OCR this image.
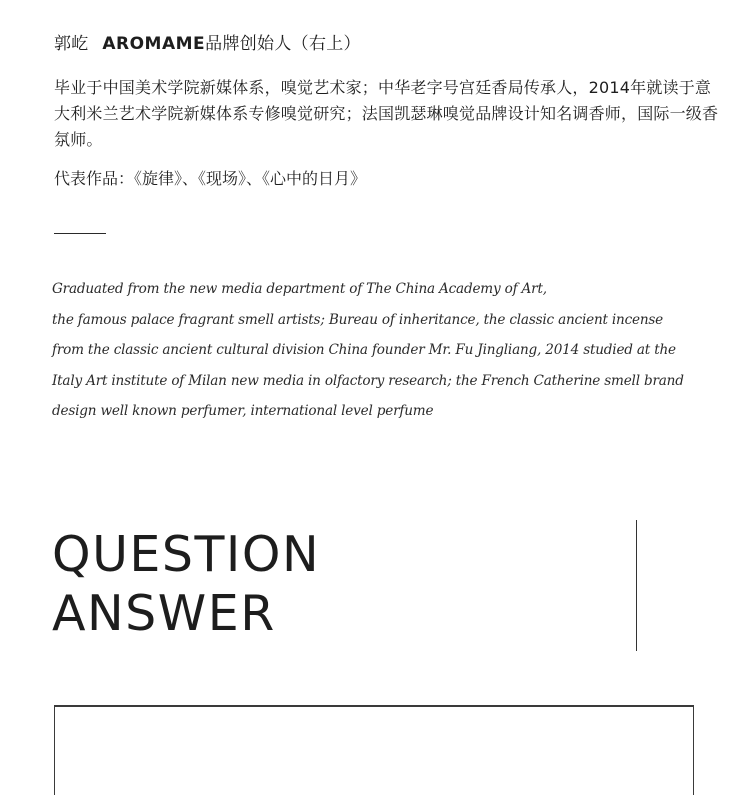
郭屹 AROMAME品牌创始人（右上）

毕业于中国美术学院新媒体系，嗅觉艺术家；中华老字号宫廷香局传承人，2014年就读于意大利米兰艺术学院新媒体系专修嗅觉研究；法国凯瑟琳嗅觉品牌设计知名调香师，国际一级香氛师。

代表作品：《旋律》、《现场》、《心中的日月》

Graduated from the new media department of The China Academy of Art,
the famous palace fragrant smell artists; Bureau of inheritance, the classic ancient incense
from the classic ancient cultural division China founder Mr. Fu Jingliang, 2014 studied at the
Italy Art institute of Milan new media in olfactory research; the French Catherine smell brand
design well known perfumer, international level perfume

QUESTION
ANSWER
